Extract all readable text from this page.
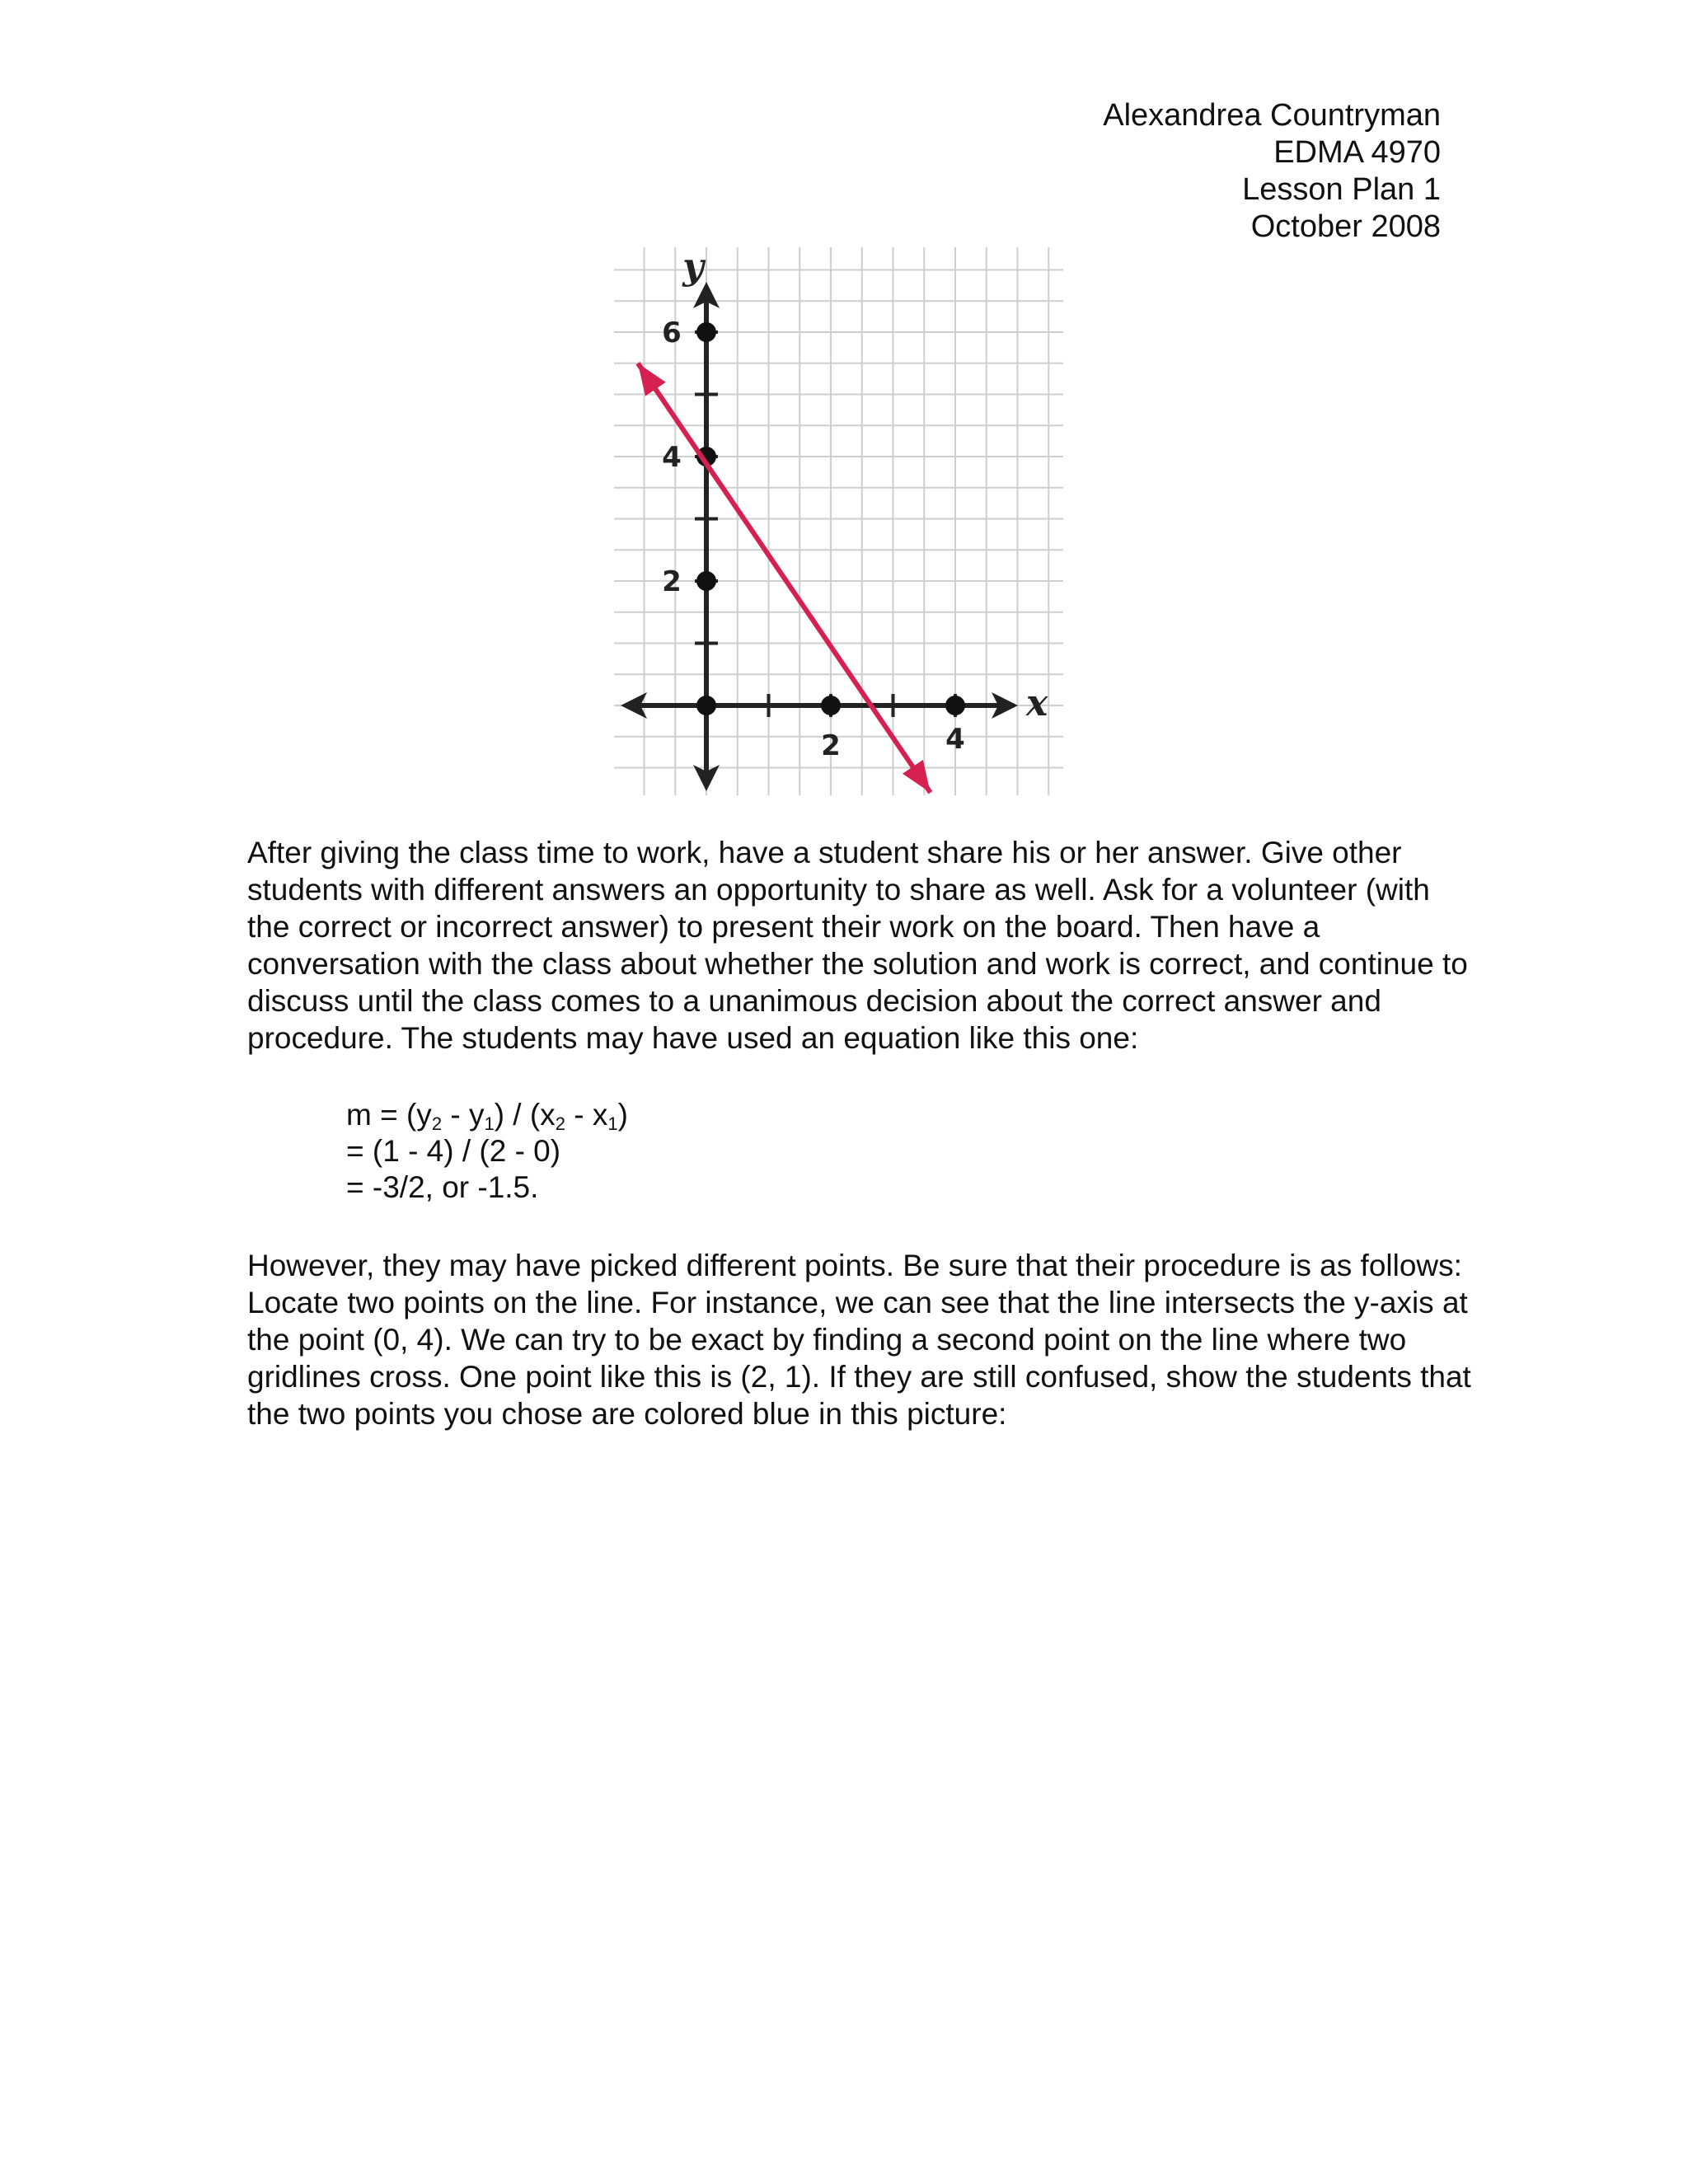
Alexandrea Countryman
EDMA 4970
Lesson Plan 1
October 2008
x
y
2	4
2
4
6
After giving the class time to work, have a student share his or her answer. Give other
students with different answers an opportunity to share as well. Ask for a volunteer (with
the correct or incorrect answer) to present their work on the board. Then have a
conversation with the class about whether the solution and work is correct, and continue to
discuss until the class comes to a unanimous decision about the correct answer and
procedure. The students may have used an equation like this one:
$m = (y_2 - y_1) / (x_2 - x_1)$
= (1 - 4) / (2 - 0)
= -3/2, or -1.5.
However, they may have picked different points. Be sure that their procedure is as follows:
Locate two points on the line. For instance, we can see that the line intersects the y-axis at
the point (0, 4). We can try to be exact by finding a second point on the line where two
gridlines cross. One point like this is (2, 1). If they are still confused, show the students that
the two points you chose are colored blue in this picture:
